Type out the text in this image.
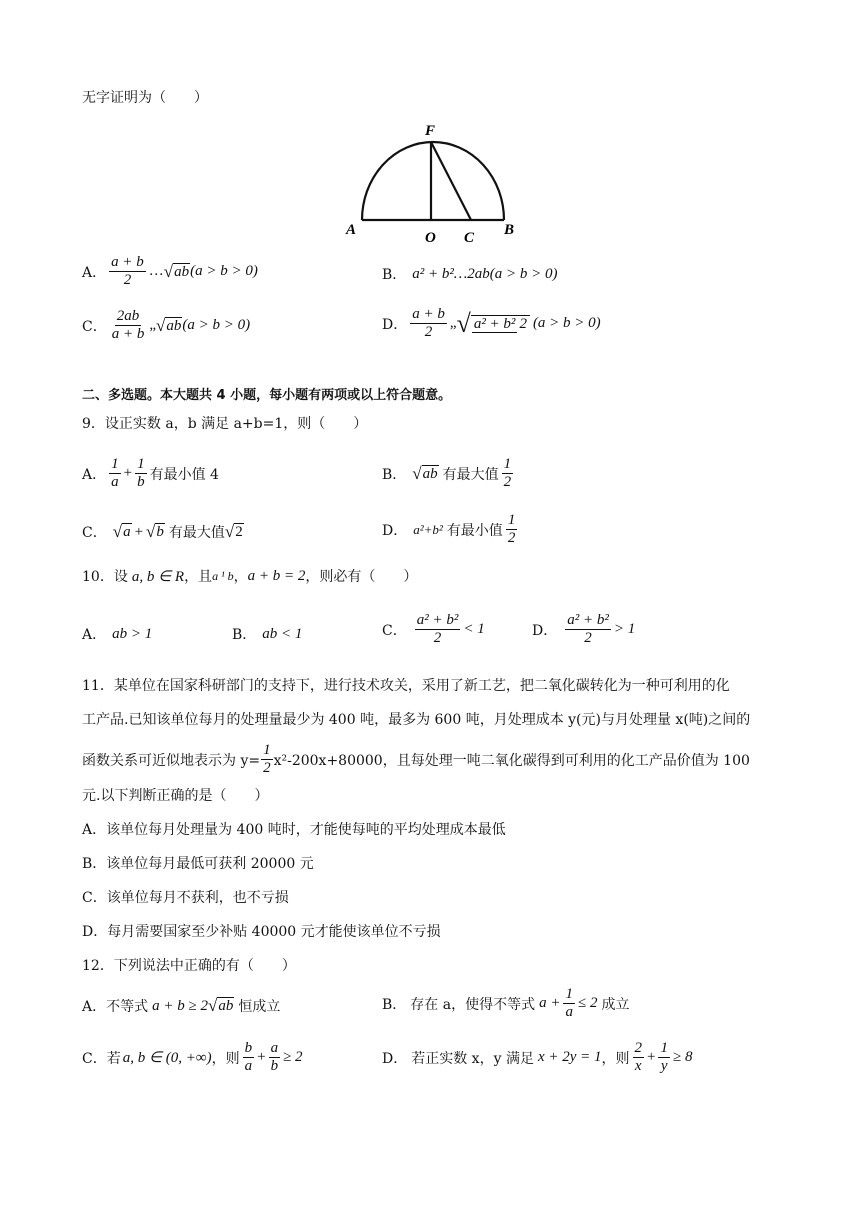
无字证明为（　　）
F
A	O C B
A． $\frac{a + b}{2}$ … √ ab (a > b > 0)	B． a² + b²…2ab (a > b > 0)
C． $\frac{2ab}{a + b}$ „ √ ab (a > b > 0)	D． $\frac{a + b}{2}$ „ √ a² + b² 2 (a > b > 0)
二、多选题。本大题共 4 小题，每小题有两项或以上符合题意。
9．设正实数 a，b 满足 a+b=1，则（　　）
A． $\frac{1}{a} + \frac{1}{b}$ 有最小值 4	B． √ ab 有最大值 $\frac{1}{2}$
C． √ a + √ b 有最大值 √ 2	D． a²+b² 有最小值 $\frac{1}{2}$
10．设 a, b ∈ R ，且 a ¹ b ， a + b = 2 ，则必有（　　）
A． ab > 1	B． ab < 1	C． $\frac{\text{a² + b²}}{2} < 1$	D． $\frac{\text{a² + b²}}{2} > 1$
11．某单位在国家科研部门的支持下，进行技术攻关，采用了新工艺，把二氧化碳转化为一种可利用的化
工产品.已知该单位每月的处理量最少为 400 吨，最多为 600 吨，月处理成本 y(元)与月处理量 x(吨)之间的
函数关系可近似地表示为 $y= \frac{1}{2} x^2-200x+80000$，且每处理一吨二氧化碳得到可利用的化工产品价值为 100
元.以下判断正确的是（　　）
A．该单位每月处理量为 400 吨时，才能使每吨的平均处理成本最低
B．该单位每月最低可获利 20000 元
C．该单位每月不获利，也不亏损
D．每月需要国家至少补贴 40000 元才能使该单位不亏损
12．下列说法中正确的有（　　）
A． 不等式 a + b ≥ 2 √ ab 恒成立	B． 存在 a，使得不等式 $a + \frac{1}{a} \le 2$ 成立
C． 若 a, b ∈ (0, +∞) ，则 $\frac{b}{a} + \frac{a}{b} \ge 2$	D． 若正实数 x，y 满足 x + 2y = 1 ，则 $\frac{2}{x} + \frac{1}{y} \ge 8$
